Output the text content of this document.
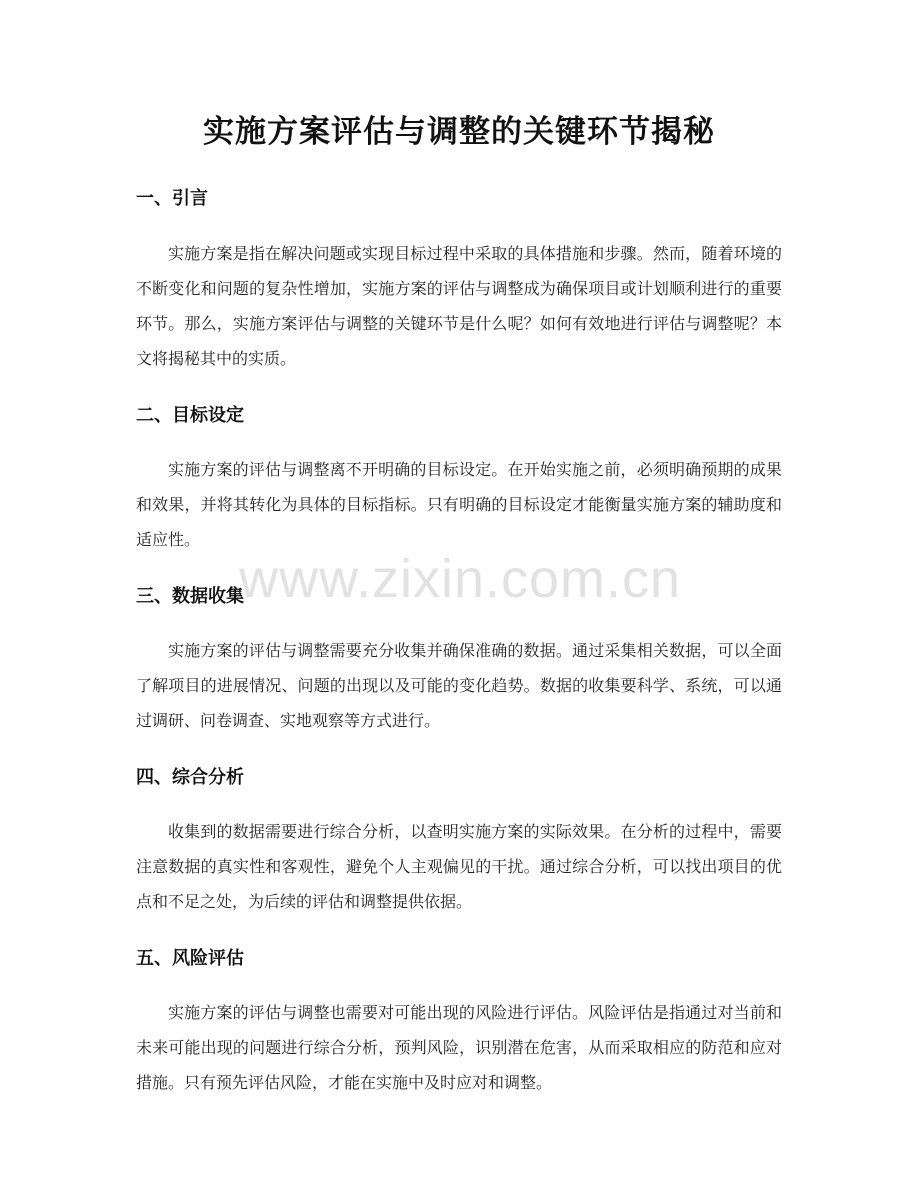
实施方案评估与调整的关键环节揭秘
一、引言

实施方案是指在解决问题或实现目标过程中采取的具体措施和步骤。然而，随着环境的不断变化和问题的复杂性增加，实施方案的评估与调整成为确保项目或计划顺利进行的重要环节。那么，实施方案评估与调整的关键环节是什么呢？如何有效地进行评估与调整呢？本文将揭秘其中的实质。

二、目标设定

实施方案的评估与调整离不开明确的目标设定。在开始实施之前，必须明确预期的成果和效果，并将其转化为具体的目标指标。只有明确的目标设定才能衡量实施方案的辅助度和适应性。

三、数据收集

实施方案的评估与调整需要充分收集并确保准确的数据。通过采集相关数据，可以全面了解项目的进展情况、问题的出现以及可能的变化趋势。数据的收集要科学、系统，可以通过调研、问卷调查、实地观察等方式进行。

四、综合分析

收集到的数据需要进行综合分析，以查明实施方案的实际效果。在分析的过程中，需要注意数据的真实性和客观性，避免个人主观偏见的干扰。通过综合分析，可以找出项目的优点和不足之处，为后续的评估和调整提供依据。

五、风险评估

实施方案的评估与调整也需要对可能出现的风险进行评估。风险评估是指通过对当前和未来可能出现的问题进行综合分析，预判风险，识别潜在危害，从而采取相应的防范和应对措施。只有预先评估风险，才能在实施中及时应对和调整。

www.zixin.com.cn
